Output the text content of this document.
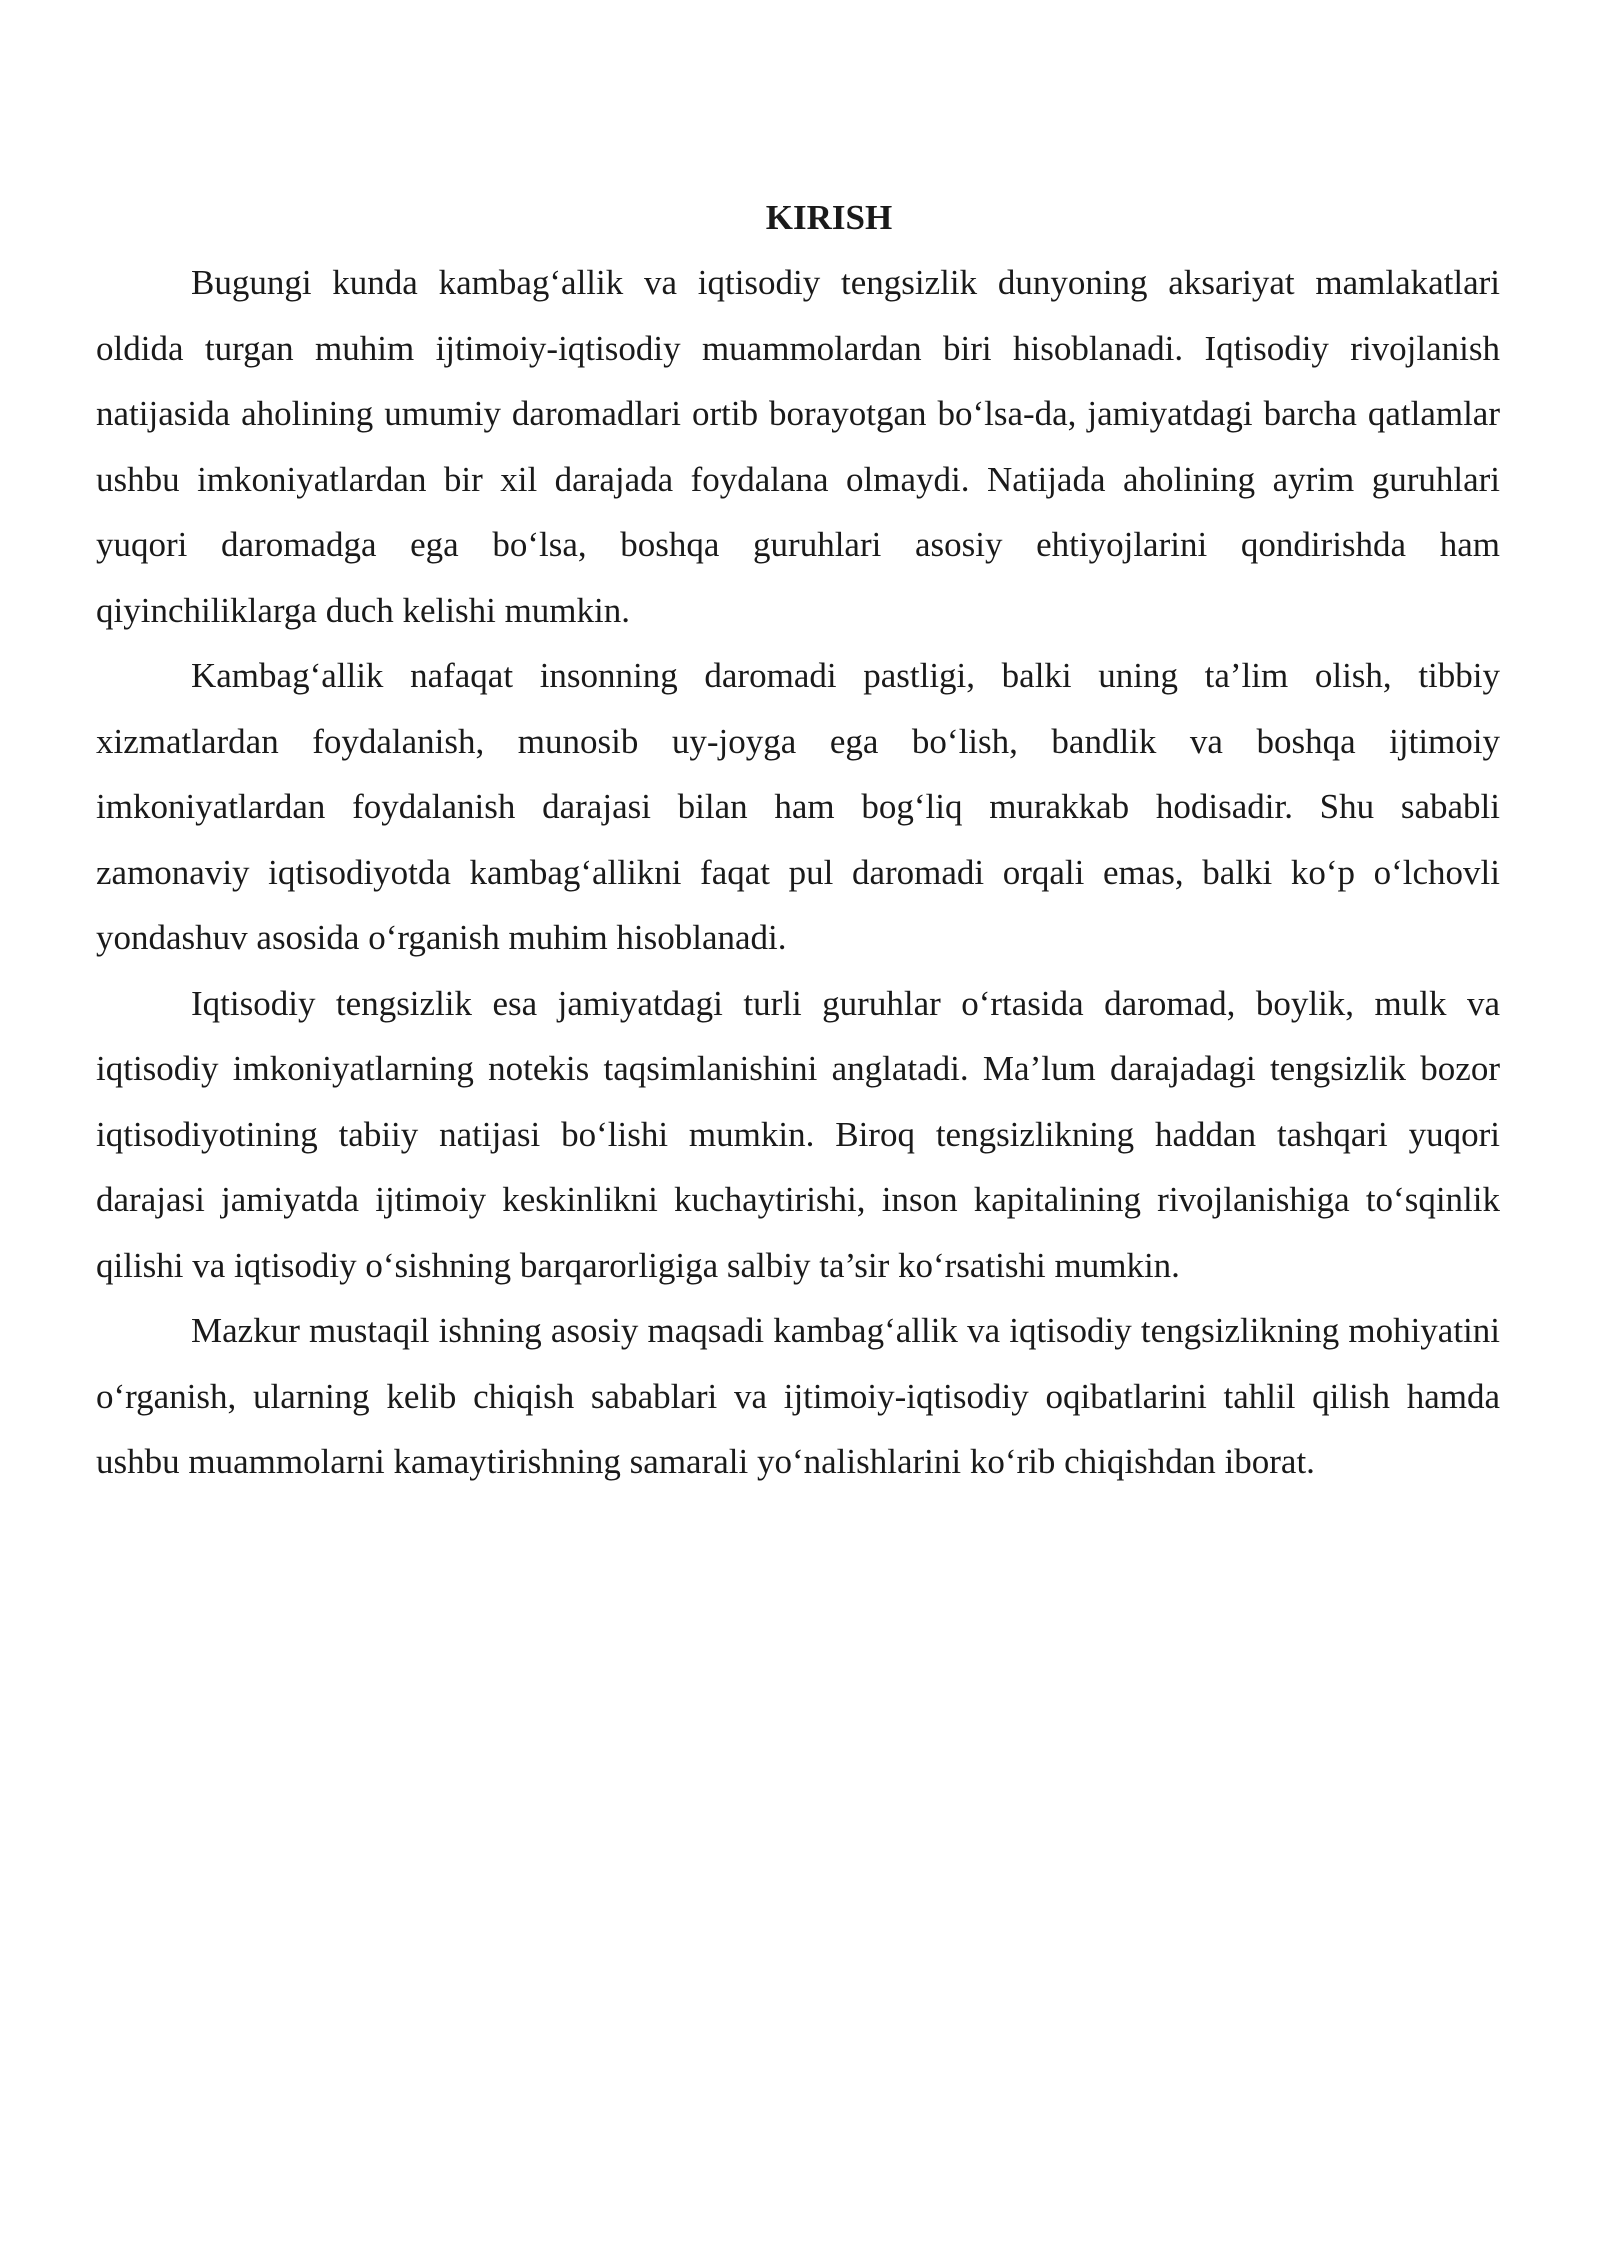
KIRISH

Bugungi kunda kambag‘allik va iqtisodiy tengsizlik dunyoning aksariyat mamlakatlari oldida turgan muhim ijtimoiy-iqtisodiy muammolardan biri hisoblanadi. Iqtisodiy rivojlanish natijasida aholining umumiy daromadlari ortib borayotgan bo‘lsa-da, jamiyatdagi barcha qatlamlar ushbu imkoniyatlardan bir xil darajada foydalana olmaydi. Natijada aholining ayrim guruhlari yuqori daromadga ega bo‘lsa, boshqa guruhlari asosiy ehtiyojlarini qondirishda ham qiyinchiliklarga duch kelishi mumkin.

Kambag‘allik nafaqat insonning daromadi pastligi, balki uning ta’lim olish, tibbiy xizmatlardan foydalanish, munosib uy-joyga ega bo‘lish, bandlik va boshqa ijtimoiy imkoniyatlardan foydalanish darajasi bilan ham bog‘liq murakkab hodisadir. Shu sababli zamonaviy iqtisodiyotda kambag‘allikni faqat pul daromadi orqali emas, balki ko‘p o‘lchovli yondashuv asosida o‘rganish muhim hisoblanadi.

Iqtisodiy tengsizlik esa jamiyatdagi turli guruhlar o‘rtasida daromad, boylik, mulk va iqtisodiy imkoniyatlarning notekis taqsimlanishini anglatadi. Ma’lum darajadagi tengsizlik bozor iqtisodiyotining tabiiy natijasi bo‘lishi mumkin. Biroq tengsizlikning haddan tashqari yuqori darajasi jamiyatda ijtimoiy keskinlikni kuchaytirishi, inson kapitalining rivojlanishiga to‘sqinlik qilishi va iqtisodiy o‘sishning barqarorligiga salbiy ta’sir ko‘rsatishi mumkin.

Mazkur mustaqil ishning asosiy maqsadi kambag‘allik va iqtisodiy tengsizlikning mohiyatini o‘rganish, ularning kelib chiqish sabablari va ijtimoiy-iqtisodiy oqibatlarini tahlil qilish hamda ushbu muammolarni kamaytirishning samarali yo‘nalishlarini ko‘rib chiqishdan iborat.
